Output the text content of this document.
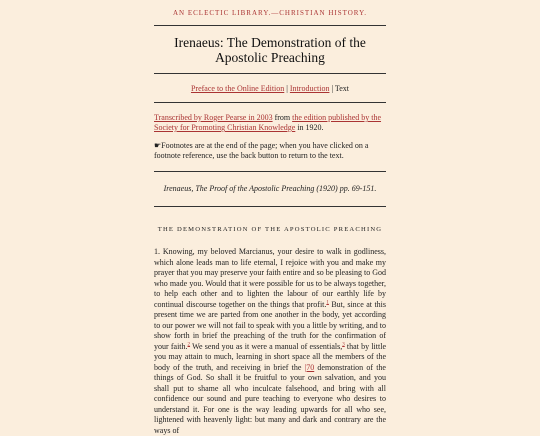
AN ECLECTIC LIBRARY.—CHRISTIAN HISTORY.
Irenaeus: The Demonstration of the Apostolic Preaching
Preface to the Online Edition | Introduction | Text
Transcribed by Roger Pearse in 2003 from the edition published by the Society for Promoting Christian Knowledge in 1920.
☛Footnotes are at the end of the page; when you have clicked on a footnote reference, use the back button to return to the text.
Irenaeus, The Proof of the Apostolic Preaching (1920) pp. 69-151.
THE DEMONSTRATION OF THE APOSTOLIC PREACHING

1. Knowing, my beloved Marcianus, your desire to walk in godliness, which alone leads man to life eternal, I rejoice with you and make my prayer that you may preserve your faith entire and so be pleasing to God who made you. Would that it were possible for us to be always together, to help each other and to lighten the labour of our earthly life by continual discourse together on the things that profit.$^1$ But, since at this present time we are parted from one another in the body, yet according to our power we will not fail to speak with you a little by writing, and to show forth in brief the preaching of the truth for the confirmation of your faith.$^2$ We send you as it were a manual of essentials,$^3$ that by little you may attain to much, learning in short space all the members of the body of the truth, and receiving in brief the |70 demonstration of the things of God. So shall it be fruitful to your own salvation, and you shall put to shame all who inculcate falsehood, and bring with all confidence our sound and pure teaching to everyone who desires to understand it. For one is the way leading upwards for all who see, lightened with heavenly light: but many and dark and contrary are the ways of
